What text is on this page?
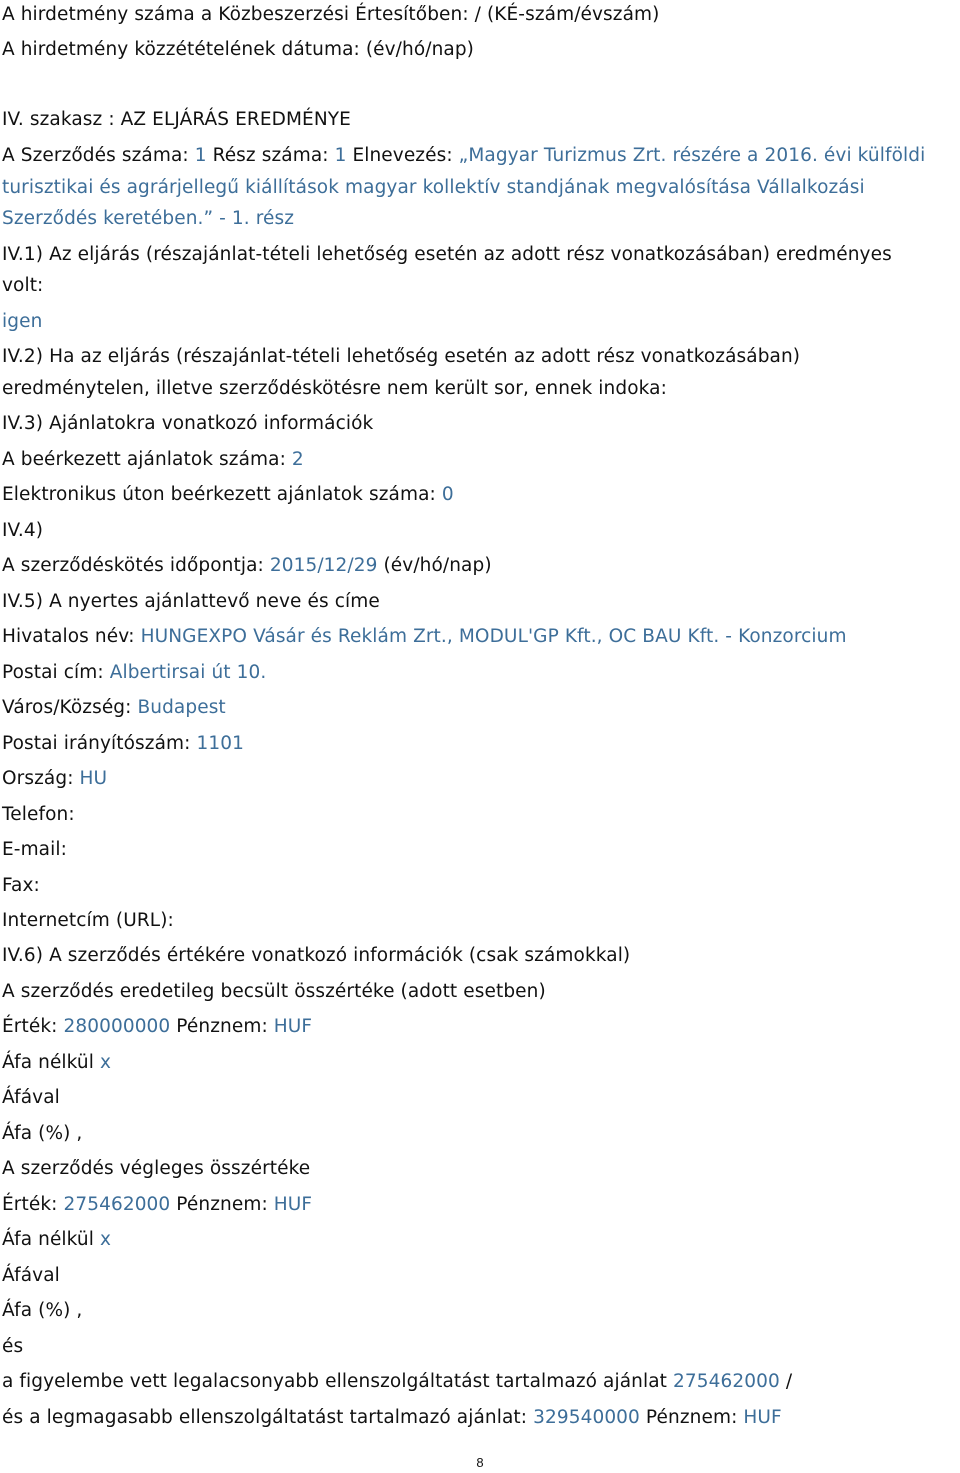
A hirdetmény száma a Közbeszerzési Értesítőben: / (KÉ-szám/évszám)

A hirdetmény közzétételének dátuma: (év/hó/nap)

IV. szakasz : AZ ELJÁRÁS EREDMÉNYE

A Szerződés száma: 1 Rész száma: 1 Elnevezés: „Magyar Turizmus Zrt. részére a 2016. évi külföldi

turisztikai és agrárjellegű kiállítások magyar kollektív standjának megvalósítása Vállalkozási

Szerződés keretében.” - 1. rész

IV.1) Az eljárás (részajánlat-tételi lehetőség esetén az adott rész vonatkozásában) eredményes

volt:

igen

IV.2) Ha az eljárás (részajánlat-tételi lehetőség esetén az adott rész vonatkozásában)

eredménytelen, illetve szerződéskötésre nem került sor, ennek indoka:

IV.3) Ajánlatokra vonatkozó információk

A beérkezett ajánlatok száma: 2

Elektronikus úton beérkezett ajánlatok száma: 0

IV.4)

A szerződéskötés időpontja: 2015/12/29 (év/hó/nap)

IV.5) A nyertes ajánlattevő neve és címe

Hivatalos név: HUNGEXPO Vásár és Reklám Zrt., MODUL'GP Kft., OC BAU Kft. - Konzorcium

Postai cím: Albertirsai út 10.

Város/Község: Budapest

Postai irányítószám: 1101

Ország: HU

Telefon:

E-mail:

Fax:

Internetcím (URL):

IV.6) A szerződés értékére vonatkozó információk (csak számokkal)

A szerződés eredetileg becsült összértéke (adott esetben)

Érték: 280000000 Pénznem: HUF

Áfa nélkül x

Áfával

Áfa (%) ,

A szerződés végleges összértéke

Érték: 275462000 Pénznem: HUF

Áfa nélkül x

Áfával

Áfa (%) ,

és

a figyelembe vett legalacsonyabb ellenszolgáltatást tartalmazó ajánlat 275462000 /

és a legmagasabb ellenszolgáltatást tartalmazó ajánlat: 329540000 Pénznem: HUF

8
